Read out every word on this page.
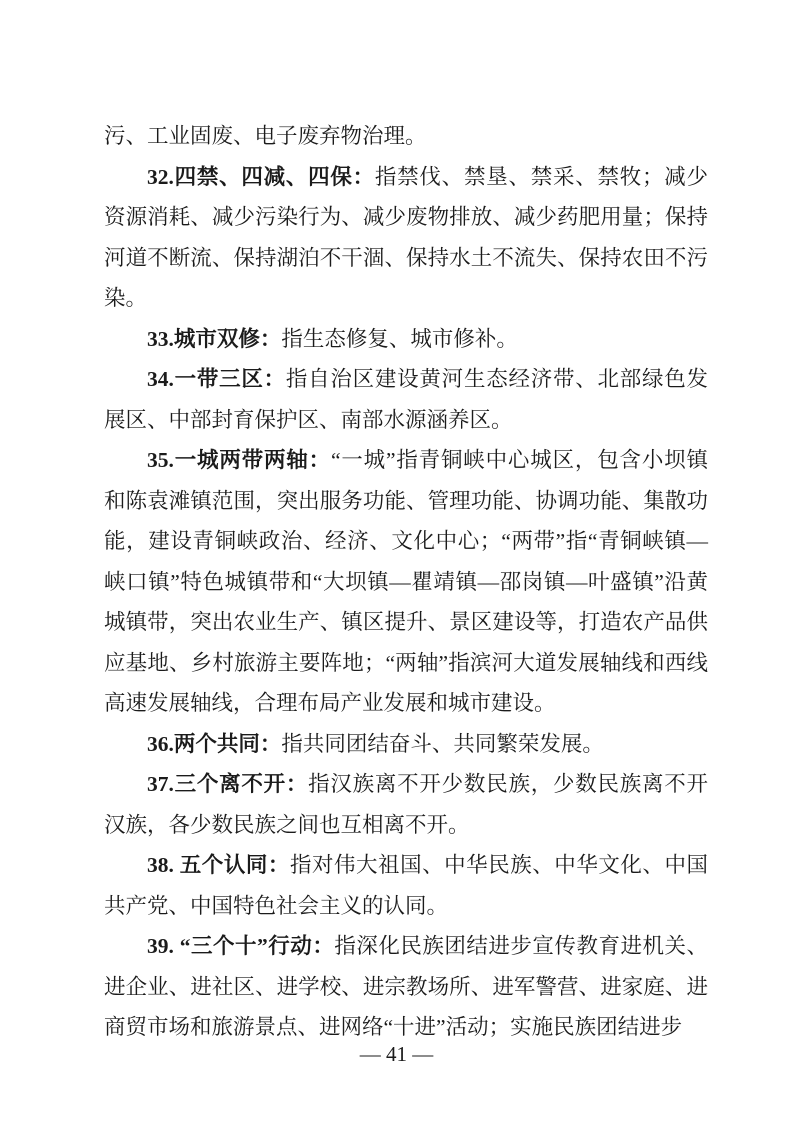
污、工业固废、电子废弃物治理。

32.四禁、四减、四保：指禁伐、禁垦、禁采、禁牧；减少资源消耗、减少污染行为、减少废物排放、减少药肥用量；保持河道不断流、保持湖泊不干涸、保持水土不流失、保持农田不污染。

33.城市双修：指生态修复、城市修补。

34.一带三区：指自治区建设黄河生态经济带、北部绿色发展区、中部封育保护区、南部水源涵养区。

35.一城两带两轴：“一城”指青铜峡中心城区，包含小坝镇和陈袁滩镇范围，突出服务功能、管理功能、协调功能、集散功能，建设青铜峡政治、经济、文化中心；“两带”指“青铜峡镇—峡口镇”特色城镇带和“大坝镇—瞿靖镇—邵岗镇—叶盛镇”沿黄城镇带，突出农业生产、镇区提升、景区建设等，打造农产品供应基地、乡村旅游主要阵地；“两轴”指滨河大道发展轴线和西线高速发展轴线，合理布局产业发展和城市建设。

36.两个共同：指共同团结奋斗、共同繁荣发展。

37.三个离不开：指汉族离不开少数民族，少数民族离不开汉族，各少数民族之间也互相离不开。

38. 五个认同：指对伟大祖国、中华民族、中华文化、中国共产党、中国特色社会主义的认同。

39. “三个十”行动：指深化民族团结进步宣传教育进机关、进企业、进社区、进学校、进宗教场所、进军警营、进家庭、进商贸市场和旅游景点、进网络“十进”活动；实施民族团结进步

— 41 —
